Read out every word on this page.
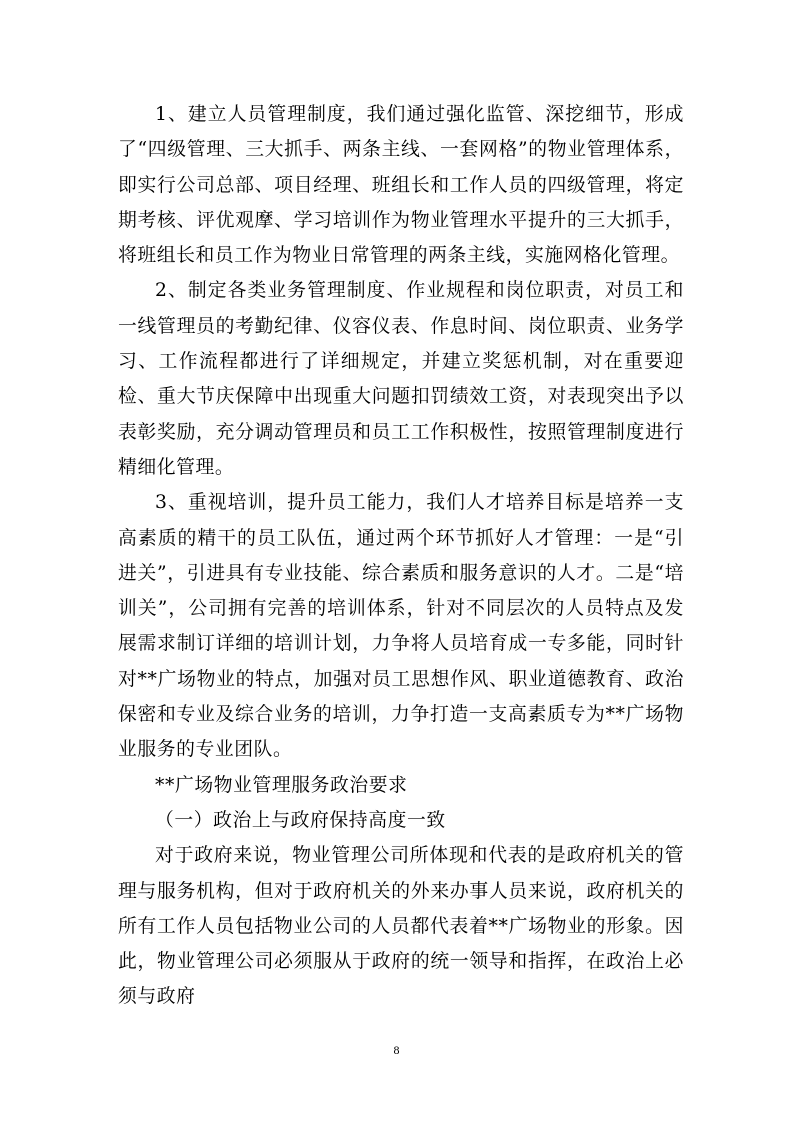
1、建立人员管理制度，我们通过强化监管、深挖细节，形成了“四级管理、三大抓手、两条主线、一套网格”的物业管理体系，即实行公司总部、项目经理、班组长和工作人员的四级管理，将定期考核、评优观摩、学习培训作为物业管理水平提升的三大抓手，将班组长和员工作为物业日常管理的两条主线，实施网格化管理。

2、制定各类业务管理制度、作业规程和岗位职责，对员工和一线管理员的考勤纪律、仪容仪表、作息时间、岗位职责、业务学习、工作流程都进行了详细规定，并建立奖惩机制，对在重要迎检、重大节庆保障中出现重大问题扣罚绩效工资，对表现突出予以表彰奖励，充分调动管理员和员工工作积极性，按照管理制度进行精细化管理。

3、重视培训，提升员工能力，我们人才培养目标是培养一支高素质的精干的员工队伍，通过两个环节抓好人才管理：一是“引进关”，引进具有专业技能、综合素质和服务意识的人才。二是“培训关”，公司拥有完善的培训体系，针对不同层次的人员特点及发展需求制订详细的培训计划，力争将人员培育成一专多能，同时针对**广场物业的特点，加强对员工思想作风、职业道德教育、政治保密和专业及综合业务的培训，力争打造一支高素质专为**广场物业服务的专业团队。

**广场物业管理服务政治要求

（一）政治上与政府保持高度一致

对于政府来说，物业管理公司所体现和代表的是政府机关的管理与服务机构，但对于政府机关的外来办事人员来说，政府机关的所有工作人员包括物业公司的人员都代表着**广场物业的形象。因此，物业管理公司必须服从于政府的统一领导和指挥，在政治上必须与政府

8
